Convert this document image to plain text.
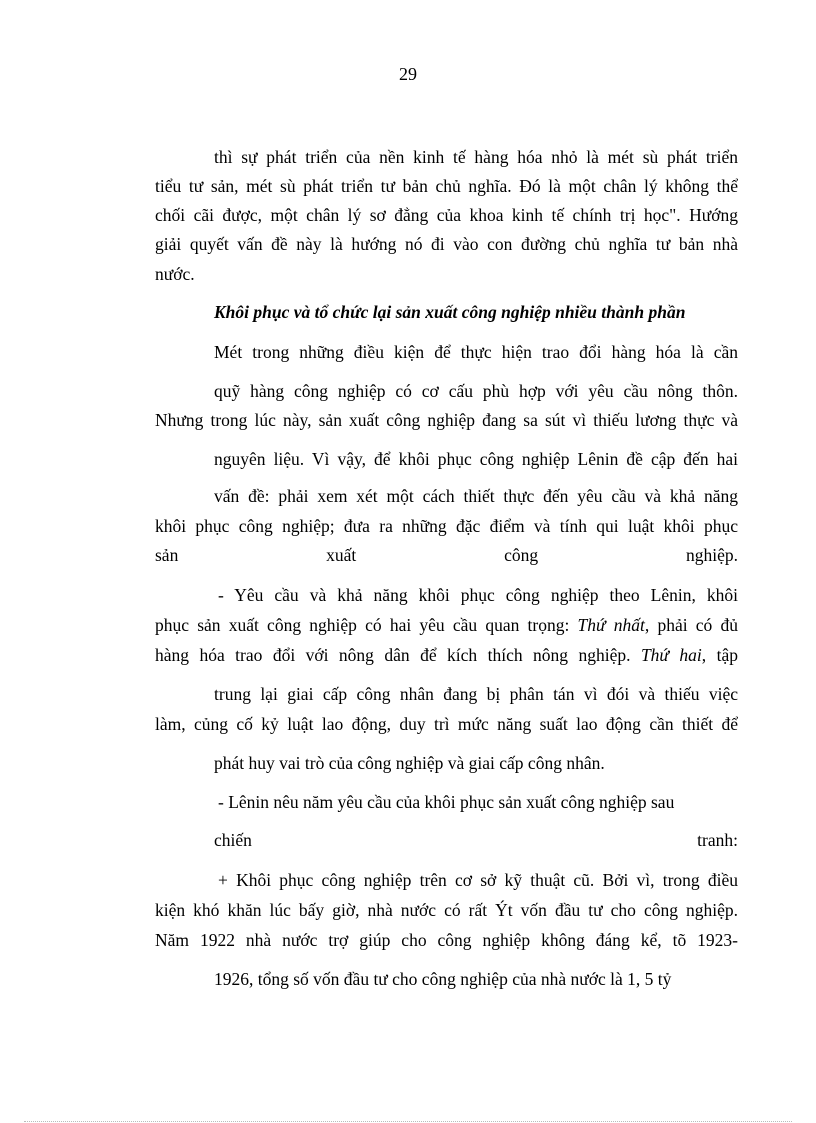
29
thì sự phát triển của nền kinh tế hàng hóa nhỏ là mét sù phát triển
tiểu tư sản, mét sù phát triển tư bản chủ nghĩa. Đó là một chân lý không thể
chối cãi được, một chân lý sơ đẳng của khoa kinh tế chính trị học". Hướng
giải quyết vấn đề này là hướng nó đi vào con đường chủ nghĩa tư bản nhà
nước.
Khôi phục và tổ chức lại sản xuất công nghiệp nhiều thành phần
Mét trong những điều kiện để thực hiện trao đổi hàng hóa là cần
quỹ hàng công nghiệp có cơ cấu phù hợp với yêu cầu nông thôn.
Nhưng trong lúc này, sản xuất công nghiệp đang sa sút vì thiếu lương thực và
nguyên liệu. Vì vậy, để khôi phục công nghiệp Lênin đề cập đến hai
vấn đề: phải xem xét một cách thiết thực đến yêu cầu và khả năng
khôi phục công nghiệp; đưa ra những đặc điểm và tính qui luật khôi phục
sản	xuất	công	nghiệp.
- Yêu cầu và khả năng khôi phục công nghiệp theo Lênin, khôi
phục sản xuất công nghiệp có hai yêu cầu quan trọng: Thứ nhất, phải có đủ
hàng hóa trao đổi với nông dân để kích thích nông nghiệp. Thứ hai, tập
trung lại giai cấp công nhân đang bị phân tán vì đói và thiếu việc
làm, củng cố kỷ luật lao động, duy trì mức năng suất lao động cần thiết để
phát huy vai trò của công nghiệp và giai cấp công nhân.
- Lênin nêu năm yêu cầu của khôi phục sản xuất công nghiệp sau
chiến	tranh:
+ Khôi phục công nghiệp trên cơ sở kỹ thuật cũ. Bởi vì, trong điều
kiện khó khăn lúc bấy giờ, nhà nước có rất Ýt vốn đầu tư cho công nghiệp.
Năm 1922 nhà nước trợ giúp cho công nghiệp không đáng kể, tõ 1923-
1926, tổng số vốn đầu tư cho công nghiệp của nhà nước là 1, 5 tỷ
